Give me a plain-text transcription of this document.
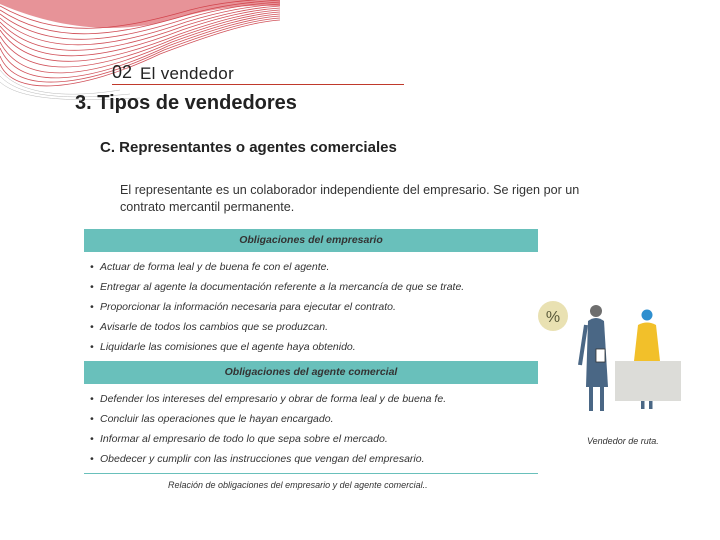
02 El vendedor
3. Tipos de vendedores
C. Representantes o agentes comerciales

El representante es un colaborador independiente del empresario. Se rigen por un contrato mercantil permanente.

Obligaciones del empresario
• Actuar de forma leal y de buena fe con el agente.
• Entregar al agente la documentación referente a la mercancía de que se trate.
• Proporcionar la información necesaria para ejecutar el contrato.
• Avisarle de todos los cambios que se produzcan.
• Liquidarle las comisiones que el agente haya obtenido.
Obligaciones del agente comercial
• Defender los intereses del empresario y obrar de forma leal y de buena fe.
• Concluir las operaciones que le hayan encargado.
• Informar al empresario de todo lo que sepa sobre el mercado.
• Obedecer y cumplir con las instrucciones que vengan del empresario.
%
Vendedor de ruta.
Relación de obligaciones del empresario y del agente comercial..
